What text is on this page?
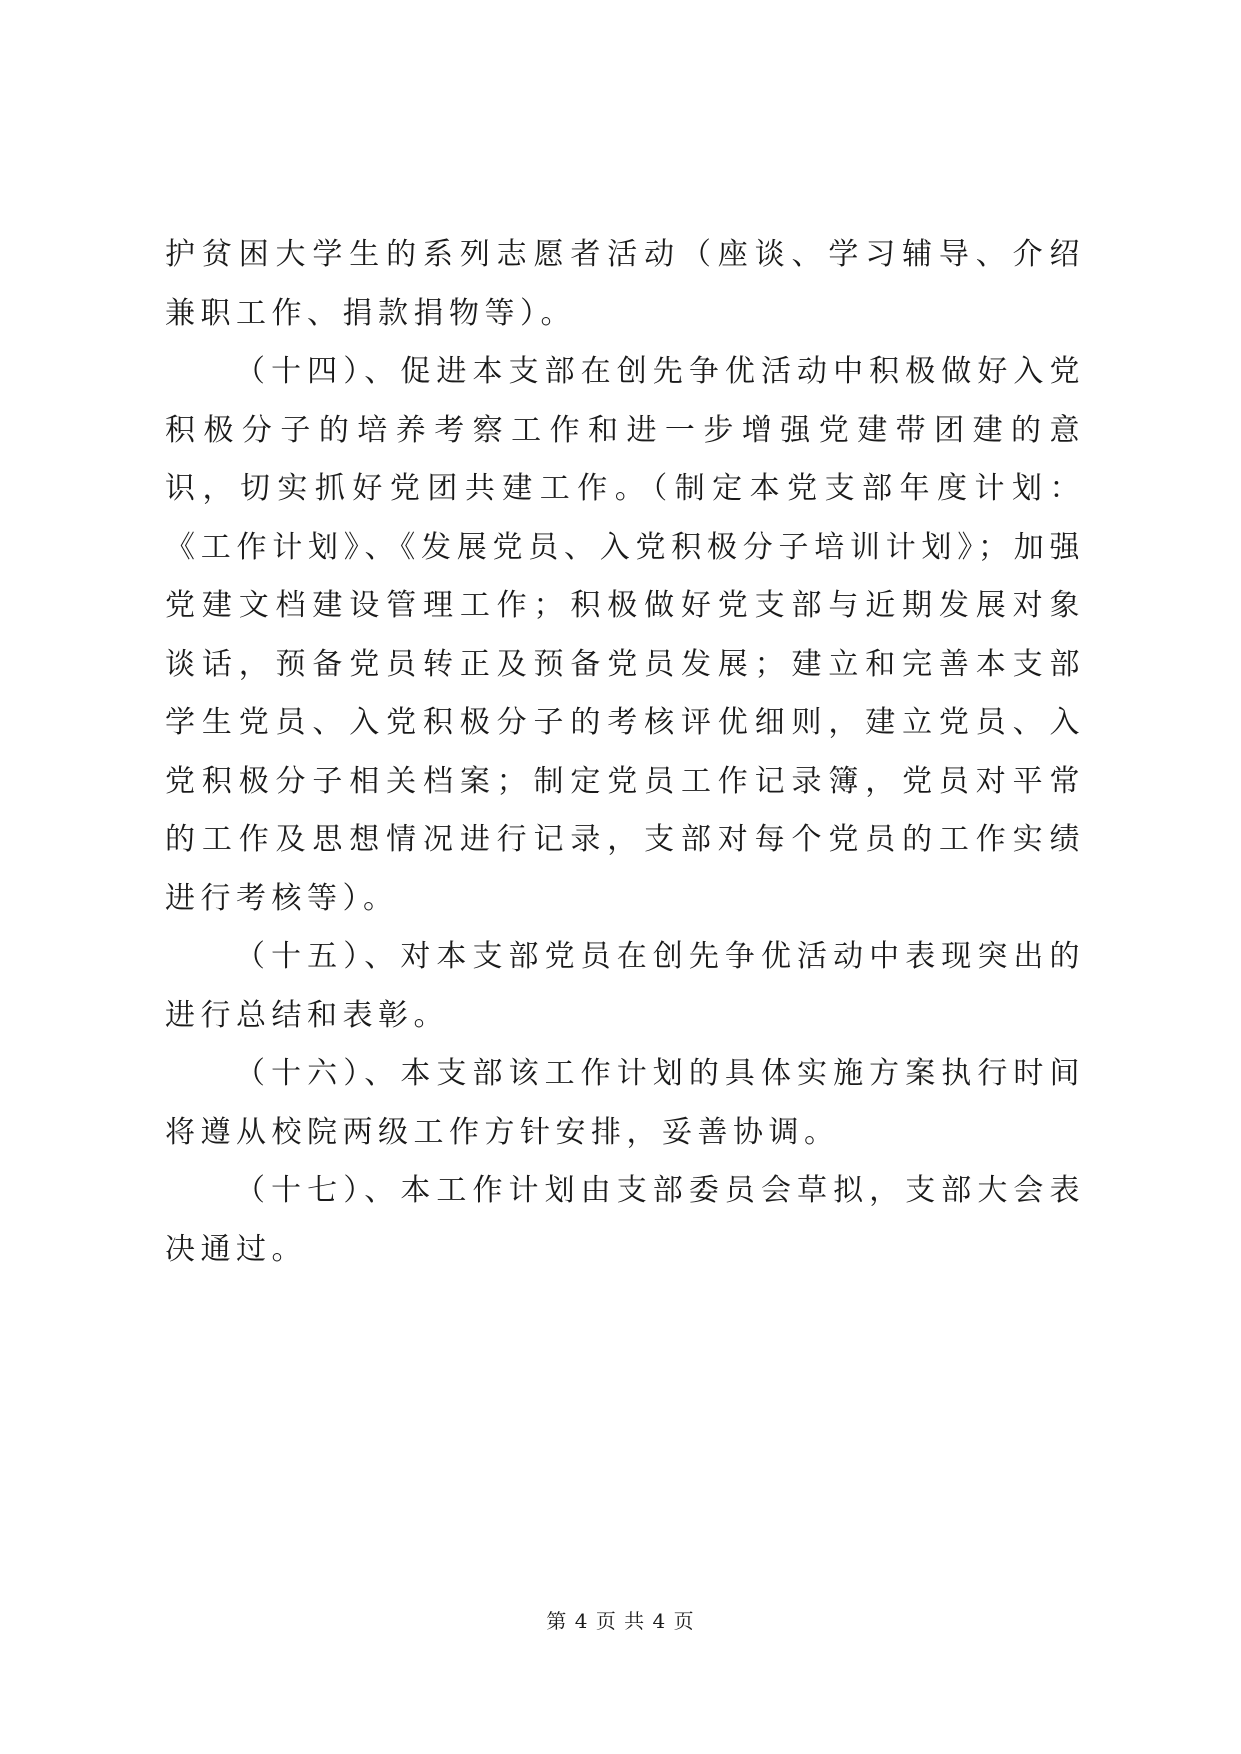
护贫困大学生的系列志愿者活动（座谈、学习辅导、介绍兼职工作、捐款捐物等）。

（十四）、促进本支部在创先争优活动中积极做好入党积极分子的培养考察工作和进一步增强党建带团建的意识，切实抓好党团共建工作。（制定本党支部年度计划：《工作计划》、《发展党员、入党积极分子培训计划》；加强党建文档建设管理工作；积极做好党支部与近期发展对象谈话，预备党员转正及预备党员发展；建立和完善本支部学生党员、入党积极分子的考核评优细则，建立党员、入党积极分子相关档案；制定党员工作记录簿，党员对平常的工作及思想情况进行记录，支部对每个党员的工作实绩进行考核等）。

（十五）、对本支部党员在创先争优活动中表现突出的进行总结和表彰。

（十六）、本支部该工作计划的具体实施方案执行时间将遵从校院两级工作方针安排，妥善协调。

（十七）、本工作计划由支部委员会草拟，支部大会表决通过。

第 4 页 共 4 页
